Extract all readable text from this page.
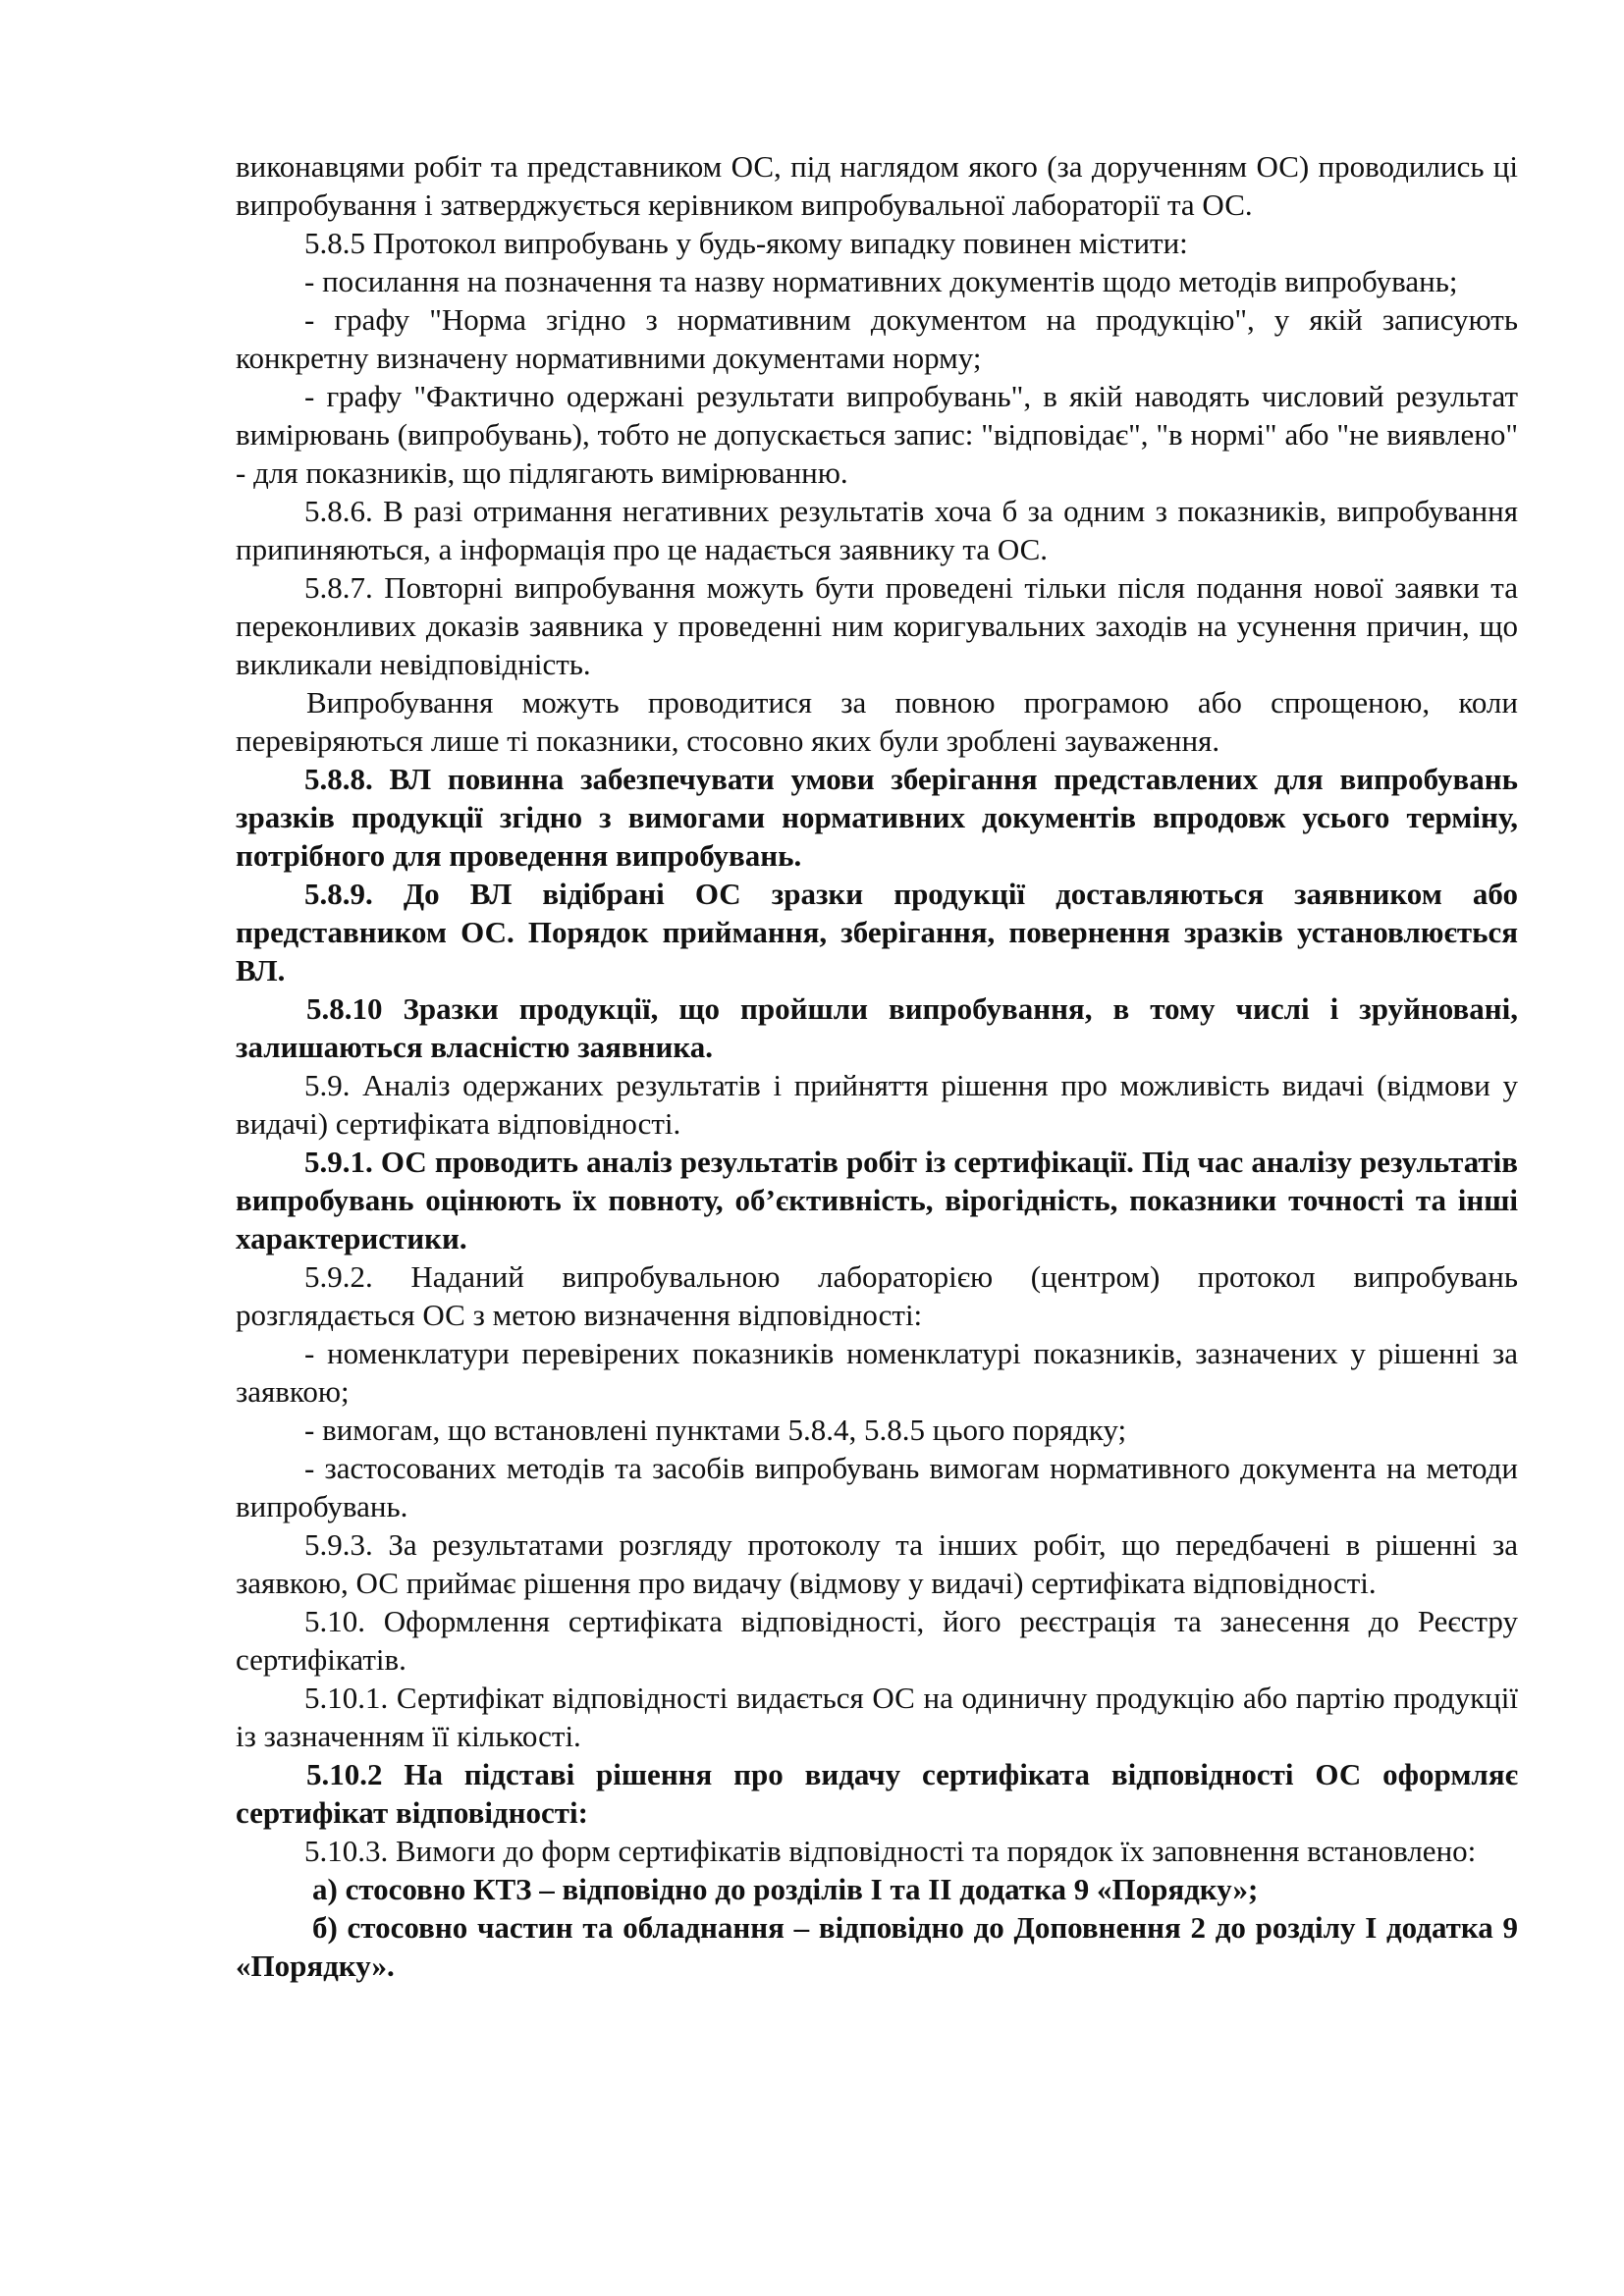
виконавцями робіт та представником ОС, під наглядом якого (за дорученням ОС) проводились ці випробування і затверджується керівником випробувальної лабораторії та ОС.

5.8.5 Протокол випробувань у будь-якому випадку повинен містити:

- посилання на позначення та назву нормативних документів щодо методів випробувань;

- графу "Норма згідно з нормативним документом на продукцію", у якій записують конкретну визначену нормативними документами норму;

- графу "Фактично одержані результати випробувань", в якій наводять числовий результат вимірювань (випробувань), тобто не допускається запис: "відповідає", "в нормі" або "не виявлено" - для показників, що підлягають вимірюванню.

5.8.6. В разі отримання негативних результатів хоча б за одним з показників, випробування припиняються, а інформація про це надається заявнику та ОС.

5.8.7. Повторні випробування можуть бути проведені тільки після подання нової заявки та переконливих доказів заявника у проведенні ним коригувальних заходів на усунення причин, що викликали невідповідність.

Випробування можуть проводитися за повною програмою або спрощеною, коли перевіряються лише ті показники, стосовно яких були зроблені зауваження.

5.8.8. ВЛ повинна забезпечувати умови зберігання представлених для випробувань зразків продукції згідно з вимогами нормативних документів впродовж усього терміну, потрібного для проведення випробувань.

5.8.9. До ВЛ відібрані ОС зразки продукції доставляються заявником або представником ОС. Порядок приймання, зберігання, повернення зразків установлюється ВЛ.

5.8.10 Зразки продукції, що пройшли випробування, в тому числі і зруйновані, залишаються власністю заявника.

5.9. Аналіз одержаних результатів і прийняття рішення про можливість видачі (відмови у видачі) сертифіката відповідності.

5.9.1. ОС проводить аналіз результатів робіт із сертифікації. Під час аналізу результатів випробувань оцінюють їх повноту, об’єктивність, вірогідність, показники точності та інші характеристики.

5.9.2. Наданий випробувальною лабораторією (центром) протокол випробувань розглядається ОС з метою визначення відповідності:

- номенклатури перевірених показників номенклатурі показників, зазначених у рішенні за заявкою;

- вимогам, що встановлені пунктами 5.8.4, 5.8.5 цього порядку;

- застосованих методів та засобів випробувань вимогам нормативного документа на методи випробувань.

5.9.3. За результатами розгляду протоколу та інших робіт, що передбачені в рішенні за заявкою, ОС приймає рішення про видачу (відмову у видачі) сертифіката відповідності.

5.10. Оформлення сертифіката відповідності, його реєстрація та занесення до Реєстру сертифікатів.

5.10.1. Сертифікат відповідності видається ОС на одиничну продукцію або партію продукції із зазначенням її кількості.

5.10.2 На підставі рішення про видачу сертифіката відповідності ОС оформляє сертифікат відповідності:

5.10.3. Вимоги до форм сертифікатів відповідності та порядок їх заповнення встановлено:

а) стосовно КТЗ – відповідно до розділів I та II додатка 9 «Порядку»;

б) стосовно частин та обладнання – відповідно до Доповнення 2 до розділу I додатка 9 «Порядку».
